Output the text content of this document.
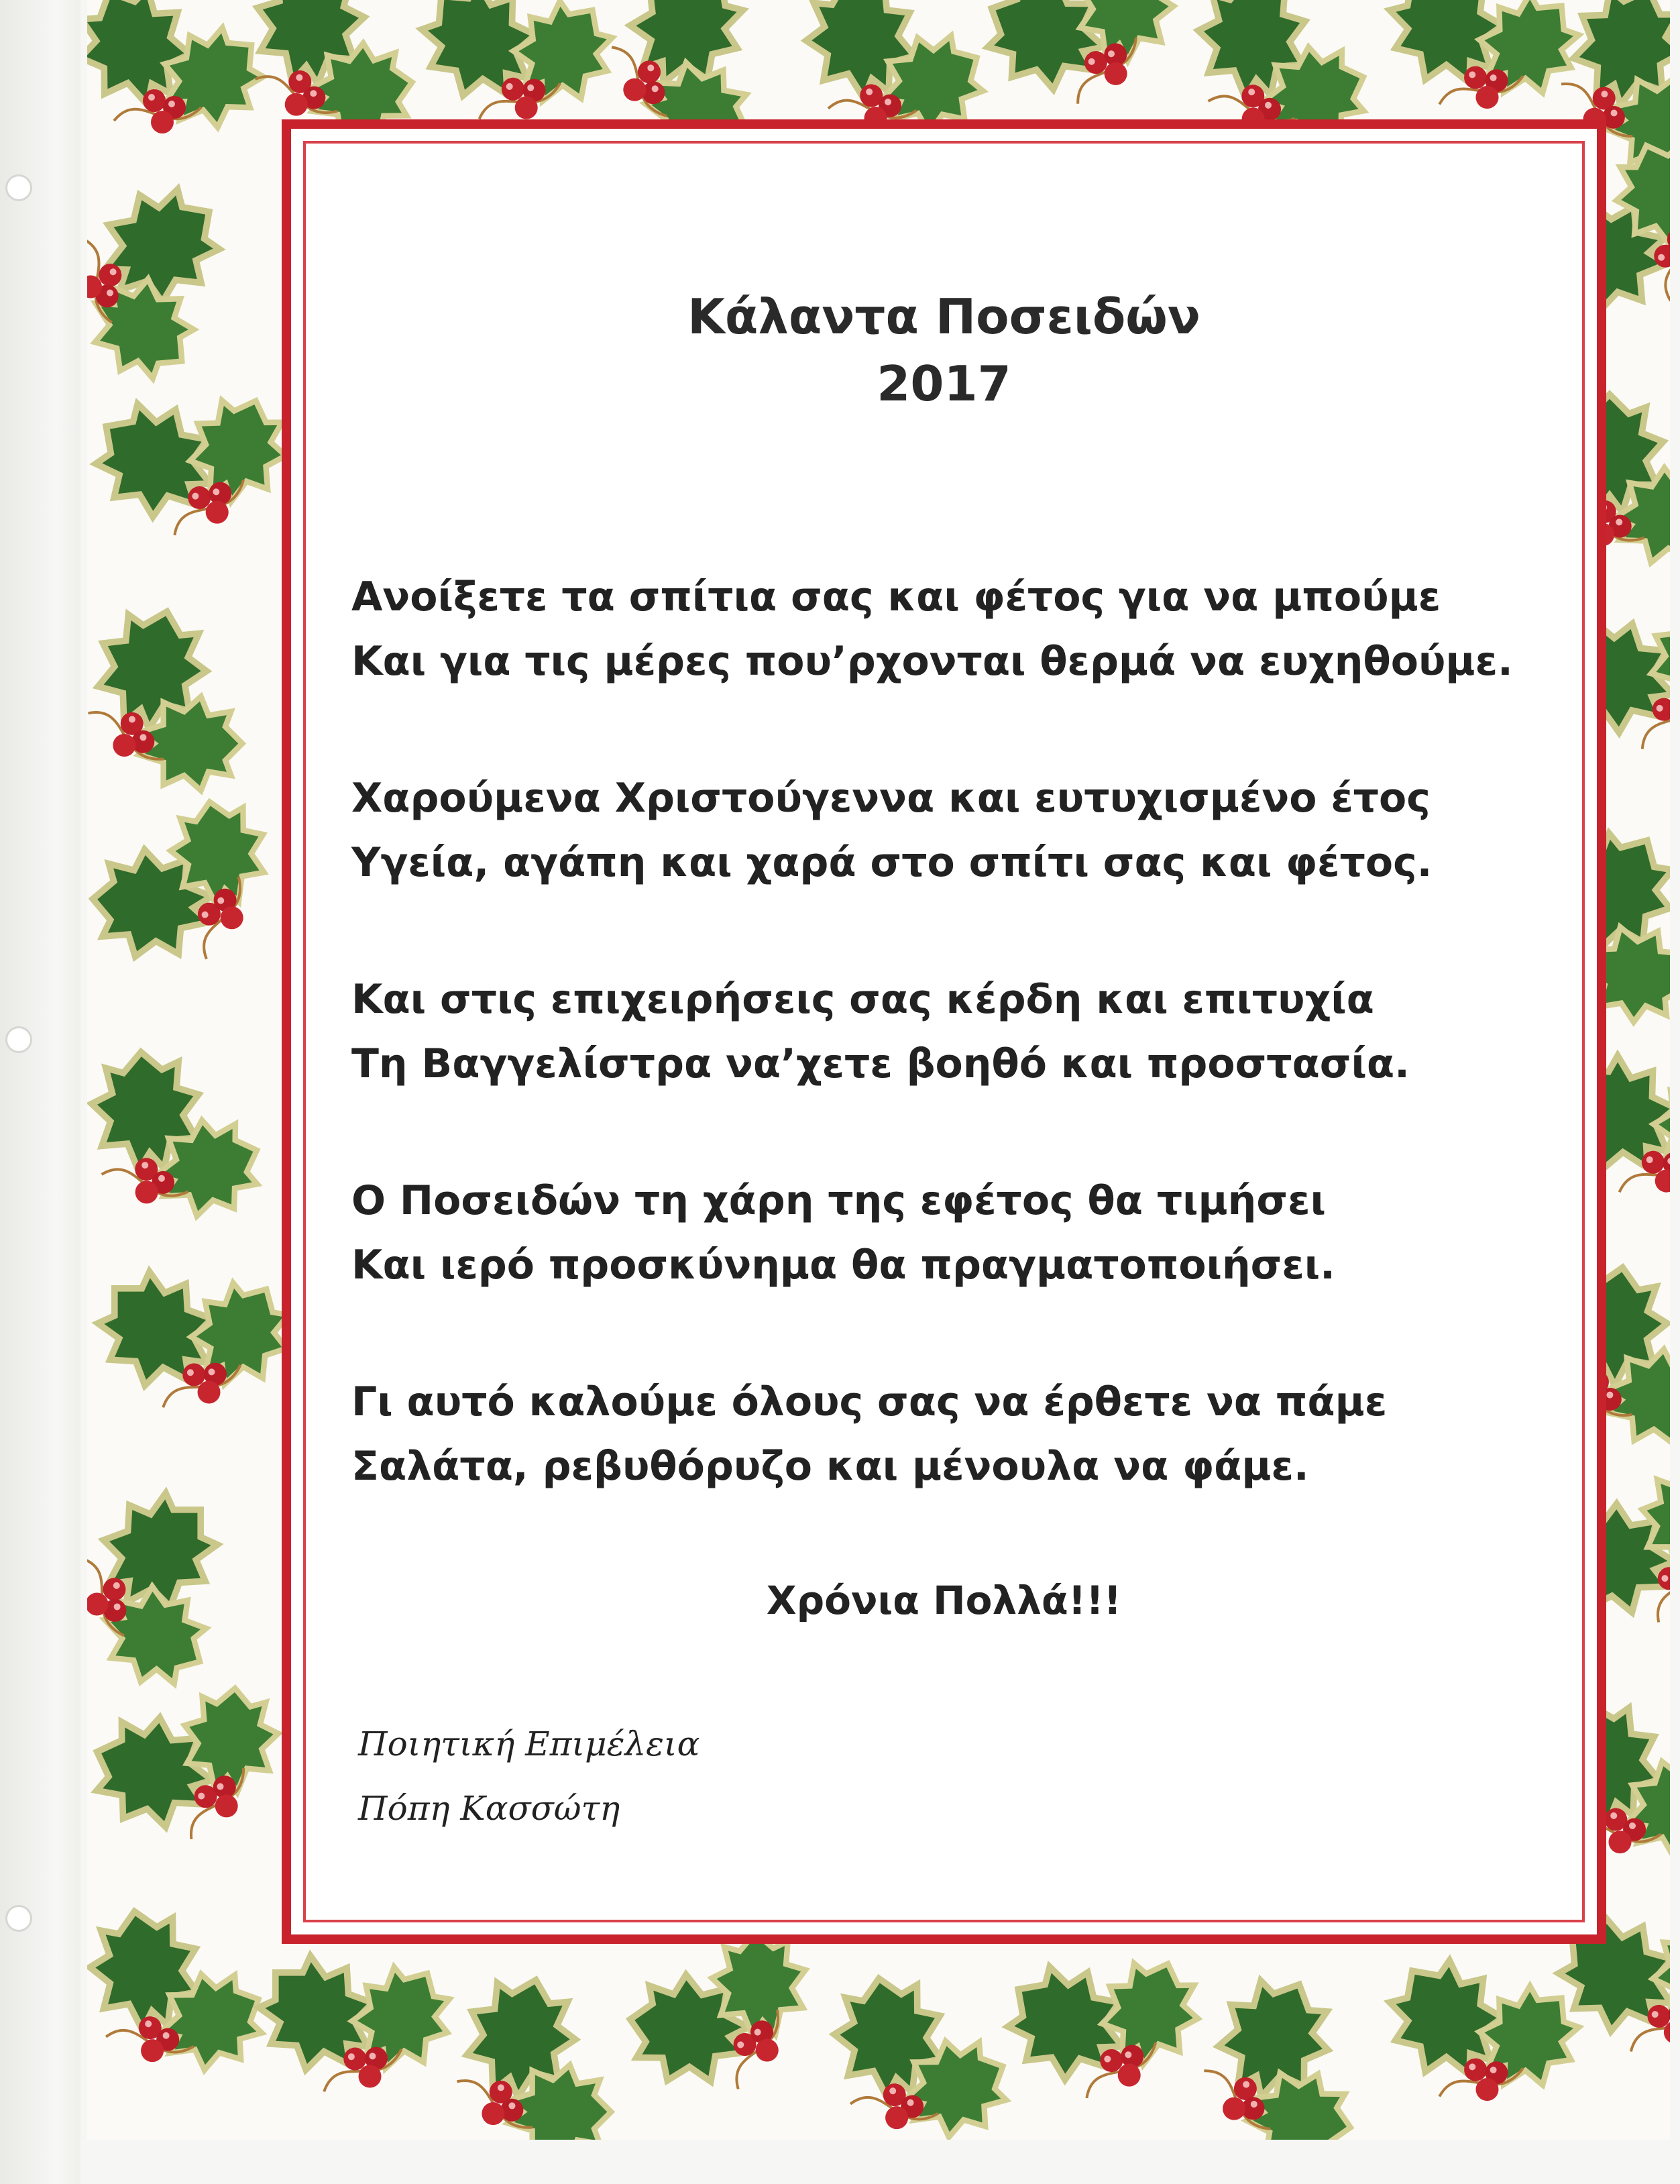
Κάλαντα Ποσειδών
2017
Ανοίξετε τα σπίτια σας και φέτος για να μπούμε
Και για τις μέρες πουʼρχονται θερμά να ευχηθούμε.
Χαρούμενα Χριστούγεννα και ευτυχισμένο έτος
Υγεία, αγάπη και χαρά στο σπίτι σας και φέτος.
Και στις επιχειρήσεις σας κέρδη και επιτυχία
Τη Βαγγελίστρα ναʼχετε βοηθό και προστασία.
Ο Ποσειδών τη χάρη της εφέτος θα τιμήσει
Και ιερό προσκύνημα θα πραγματοποιήσει.
Γι αυτό καλούμε όλους σας να έρθετε να πάμε
Σαλάτα, ρεβυθόρυζο και μένουλα να φάμε.
Χρόνια Πολλά!!!
Ποιητική Επιμέλεια
Πόπη Κασσώτη
